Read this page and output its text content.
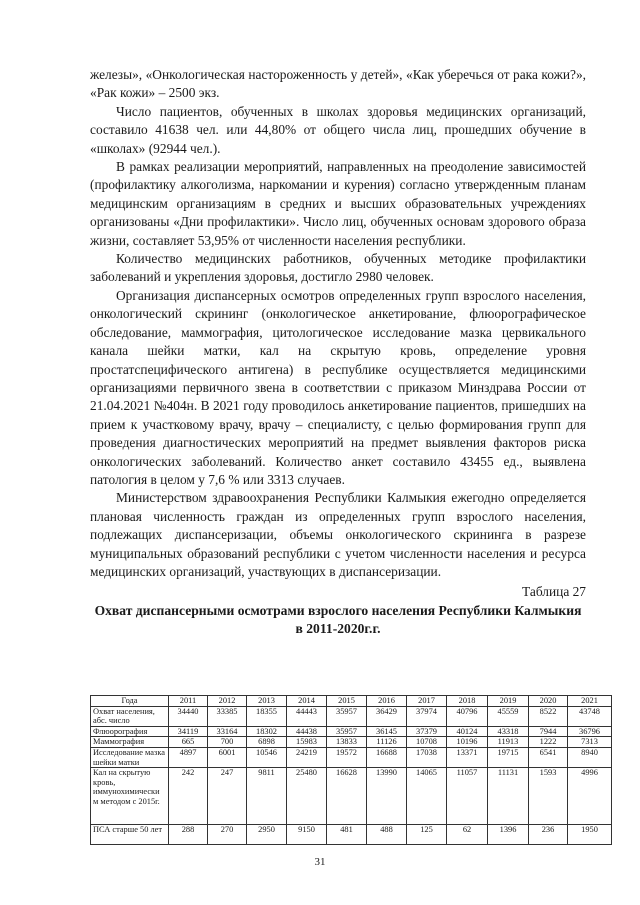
железы», «Онкологическая настороженность у детей», «Как уберечься от рака кожи?», «Рак кожи» – 2500 экз.

Число пациентов, обученных в школах здоровья медицинских организаций, составило 41638 чел. или 44,80% от общего числа лиц, прошедших обучение в «школах» (92944 чел.).

В рамках реализации мероприятий, направленных на преодоление зависимостей (профилактику алкоголизма, наркомании и курения) согласно утвержденным планам медицинским организациям в средних и высших образовательных учреждениях организованы «Дни профилактики». Число лиц, обученных основам здорового образа жизни, составляет 53,95% от численности населения республики.

Количество медицинских работников, обученных методике профилактики заболеваний и укрепления здоровья, достигло 2980 человек.

Организация диспансерных осмотров определенных групп взрослого населения, онкологический скрининг (онкологическое анкетирование, флюорографическое обследование, маммография, цитологическое исследование мазка цервикального канала шейки матки, кал на скрытую кровь, определение уровня простатспецифического антигена) в республике осуществляется медицинскими организациями первичного звена в соответствии с приказом Минздрава России от 21.04.2021 №404н. В 2021 году проводилось анкетирование пациентов, пришедших на прием к участковому врачу, врачу – специалисту, с целью формирования групп для проведения диагностических мероприятий на предмет выявления факторов риска онкологических заболеваний. Количество анкет составило 43455 ед., выявлена патология в целом у 7,6 % или 3313 случаев.

Министерством здравоохранения Республики Калмыкия ежегодно определяется плановая численность граждан из определенных групп взрослого населения, подлежащих диспансеризации, объемы онкологического скрининга в разрезе муниципальных образований республики с учетом численности населения и ресурса медицинских организаций, участвующих в диспансеризации.

Таблица 27
Охват диспансерными осмотрами взрослого населения Республики Калмыкия в 2011-2020г.г.
Года	2011	2012	2013	2014	2015	2016	2017	2018	2019	2020	2021
Охват населения, абс. число	34440	33385	18355	44443	35957	36429	37974	40796	45559	8522	43748
Флюорография	34119	33164	18302	44438	35957	36145	37379	40124	43318	7944	36796
Маммография	665	700	6898	15983	13833	11126	10708	10196	11913	1222	7313
Исследование мазка шейки матки	4897	6001	10546	24219	19572	16688	17038	13371	19715	6541	8940
Кал на скрытую кровь, иммунохимически м методом с 2015г.	242	247	9811	25480	16628	13990	14065	11057	11131	1593	4996
ПСА старше 50 лет	288	270	2950	9150	481	488	125	62	1396	236	1950
31
